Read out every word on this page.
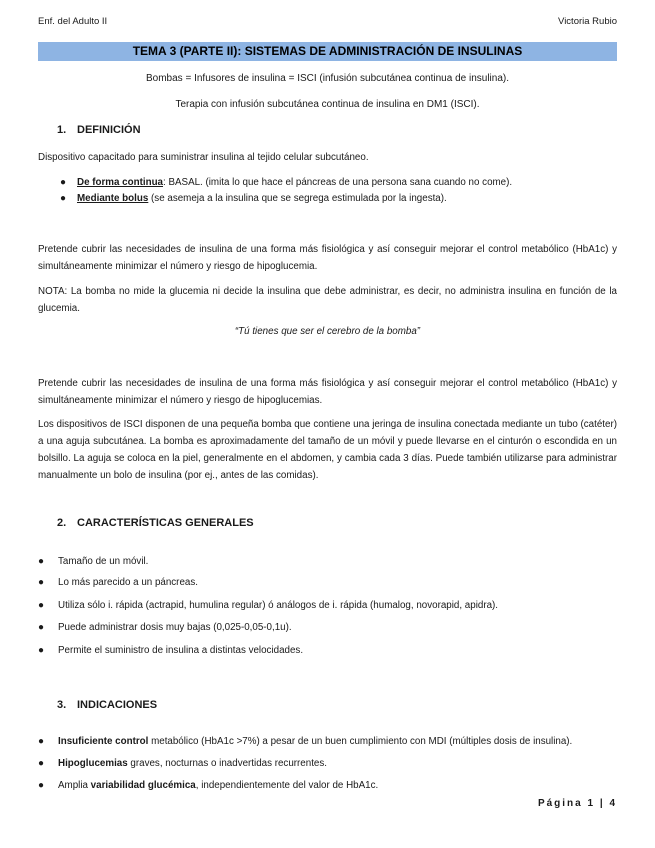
Enf. del Adulto II	Victoria Rubio
TEMA 3 (PARTE II): SISTEMAS DE ADMINISTRACIÓN DE INSULINAS
Bombas = Infusores de insulina = ISCI (infusión subcutánea continua de insulina).
Terapia con infusión subcutánea continua de insulina en DM1 (ISCI).
1. DEFINICIÓN
Dispositivo capacitado para suministrar insulina al tejido celular subcutáneo.
● De forma continua: BASAL. (imita lo que hace el páncreas de una persona sana cuando no come).
● Mediante bolus (se asemeja a la insulina que se segrega estimulada por la ingesta).
Pretende cubrir las necesidades de insulina de una forma más fisiológica y así conseguir mejorar el control metabólico (HbA1c) y simultáneamente minimizar el número y riesgo de hipoglucemia.
NOTA: La bomba no mide la glucemia ni decide la insulina que debe administrar, es decir, no administra insulina en función de la glucemia.
“Tú tienes que ser el cerebro de la bomba”
Pretende cubrir las necesidades de insulina de una forma más fisiológica y así conseguir mejorar el control metabólico (HbA1c) y simultáneamente minimizar el número y riesgo de hipoglucemias.
Los dispositivos de ISCI disponen de una pequeña bomba que contiene una jeringa de insulina conectada mediante un tubo (catéter) a una aguja subcutánea. La bomba es aproximadamente del tamaño de un móvil y puede llevarse en el cinturón o escondida en un bolsillo. La aguja se coloca en la piel, generalmente en el abdomen, y cambia cada 3 días. Puede también utilizarse para administrar manualmente un bolo de insulina (por ej., antes de las comidas).
2. CARACTERÍSTICAS GENERALES
● Tamaño de un móvil.
● Lo más parecido a un páncreas.
● Utiliza sólo i. rápida (actrapid, humulina regular) ó análogos de i. rápida (humalog, novorapid, apidra).
● Puede administrar dosis muy bajas (0,025-0,05-0,1u).
● Permite el suministro de insulina a distintas velocidades.
3. INDICACIONES
● Insuficiente control metabólico (HbA1c >7%) a pesar de un buen cumplimiento con MDI (múltiples dosis de insulina).
● Hipoglucemias graves, nocturnas o inadvertidas recurrentes.
● Amplia variabilidad glucémica, independientemente del valor de HbA1c.
Página 1 | 4
